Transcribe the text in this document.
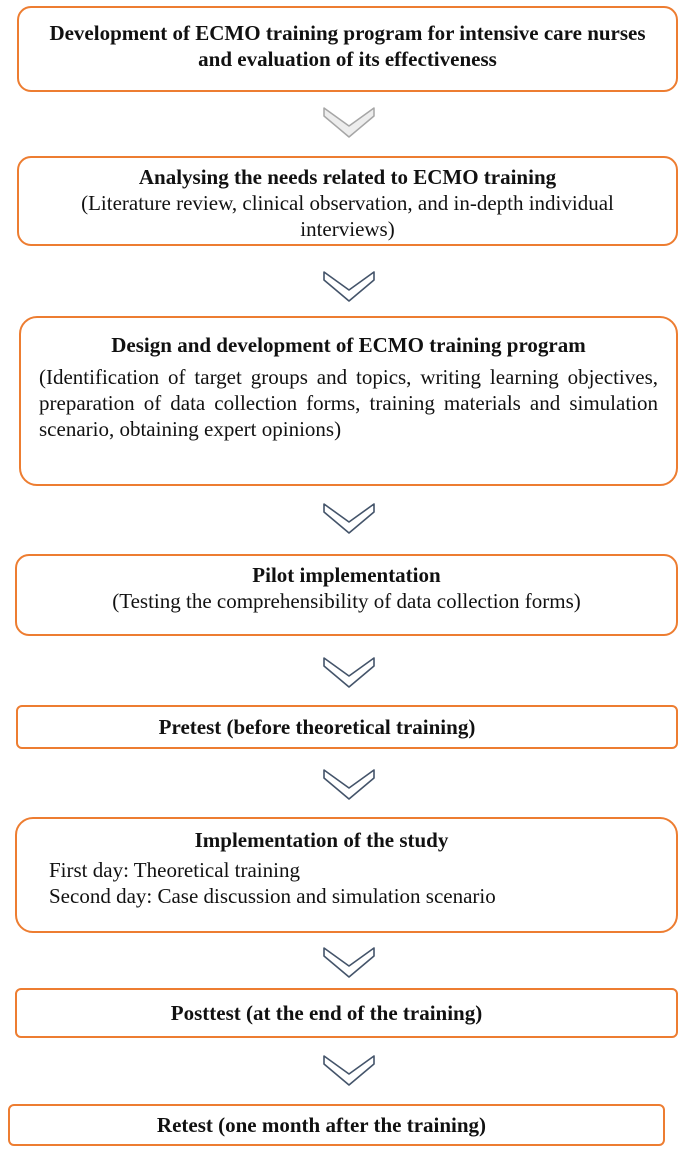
Development of ECMO training program for intensive care nurses and evaluation of its effectiveness
Analysing the needs related to ECMO training
(Literature review, clinical observation, and in-depth individual interviews)
Design and development of ECMO training program
(Identification of target groups and topics, writing learning objectives, preparation of data collection forms, training materials and simulation scenario, obtaining expert opinions)
Pilot implementation
(Testing the comprehensibility of data collection forms)
Pretest (before theoretical training)
Implementation of the study
First day: Theoretical training
Second day: Case discussion and simulation scenario
Posttest (at the end of the training)
Retest (one month after the training)
